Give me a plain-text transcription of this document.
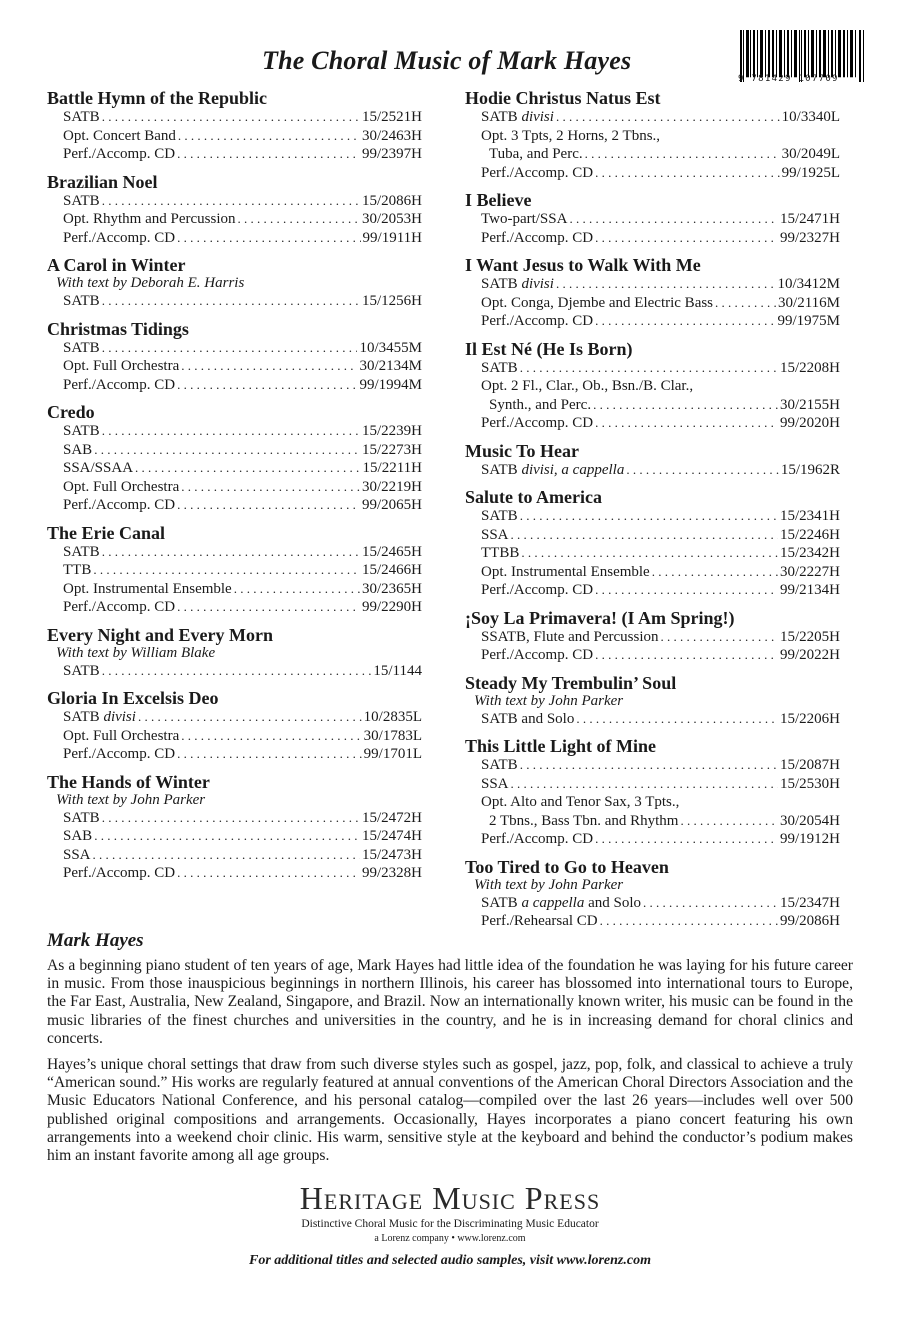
The Choral Music of Mark Hayes
9 781429 107709
Battle Hymn of the Republic
SATB . . .	15/2521H
Opt. Concert Band . . .	30/2463H
Perf./Accomp. CD . . .	99/2397H
Brazilian Noel
SATB . . .	15/2086H
Opt. Rhythm and Percussion . . .	30/2053H
Perf./Accomp. CD . . .	99/1911H
A Carol in Winter
With text by Deborah E. Harris
SATB . . .	15/1256H
Christmas Tidings
SATB . . .	10/3455M
Opt. Full Orchestra . . .	30/2134M
Perf./Accomp. CD . . .	99/1994M
Credo
SATB . . .	15/2239H
SAB . . .	15/2273H
SSA/SSAA . . .	15/2211H
Opt. Full Orchestra . . .	30/2219H
Perf./Accomp. CD . . .	99/2065H
The Erie Canal
SATB . . .	15/2465H
TTB . . .	15/2466H
Opt. Instrumental Ensemble . . .	30/2365H
Perf./Accomp. CD . . .	99/2290H
Every Night and Every Morn
With text by William Blake
SATB . . .	15/1144
Gloria In Excelsis Deo
SATB divisi . . .	10/2835L
Opt. Full Orchestra . . .	30/1783L
Perf./Accomp. CD . . .	99/1701L
The Hands of Winter
With text by John Parker
SATB . . .	15/2472H
SAB . . .	15/2474H
SSA . . .	15/2473H
Perf./Accomp. CD . . .	99/2328H
Hodie Christus Natus Est
SATB divisi . . .	10/3340L
Opt. 3 Tpts, 2 Horns, 2 Tbns.,
Tuba, and Perc. . . .	30/2049L
Perf./Accomp. CD . . .	99/1925L
I Believe
Two-part/SSA . . .	15/2471H
Perf./Accomp. CD . . .	99/2327H
I Want Jesus to Walk With Me
SATB divisi . . .	10/3412M
Opt. Conga, Djembe and Electric Bass . . .	30/2116M
Perf./Accomp. CD . . .	99/1975M
Il Est Né (He Is Born)
SATB . . .	15/2208H
Opt. 2 Fl., Clar., Ob., Bsn./B. Clar.,
Synth., and Perc. . . .	30/2155H
Perf./Accomp. CD . . .	99/2020H
Music To Hear
SATB divisi, a cappella . . .	15/1962R
Salute to America
SATB . . .	15/2341H
SSA . . .	15/2246H
TTBB . . .	15/2342H
Opt. Instrumental Ensemble . . .	30/2227H
Perf./Accomp. CD . . .	99/2134H
¡Soy La Primavera! (I Am Spring!)
SSATB, Flute and Percussion . . .	15/2205H
Perf./Accomp. CD . . .	99/2022H
Steady My Trembulin’ Soul
With text by John Parker
SATB and Solo . . .	15/2206H
This Little Light of Mine
SATB . . .	15/2087H
SSA . . .	15/2530H
Opt. Alto and Tenor Sax, 3 Tpts.,
2 Tbns., Bass Tbn. and Rhythm . . .	30/2054H
Perf./Accomp. CD . . .	99/1912H
Too Tired to Go to Heaven
With text by John Parker
SATB a cappella and Solo . . .	15/2347H
Perf./Rehearsal CD . . .	99/2086H
Mark Hayes
As a beginning piano student of ten years of age, Mark Hayes had little idea of the foundation he was laying for his future career in music. From those inauspicious beginnings in northern Illinois, his career has blossomed into international tours to Europe, the Far East, Australia, New Zealand, Singapore, and Brazil. Now an internationally known writer, his music can be found in the music libraries of the finest churches and universities in the country, and he is in increasing demand for choral clinics and concerts.
Hayes’s unique choral settings that draw from such diverse styles such as gospel, jazz, pop, folk, and classical to achieve a truly “American sound.” His works are regularly featured at annual conventions of the American Choral Directors Association and the Music Educators National Conference, and his personal catalog—compiled over the last 26 years—includes well over 500 published original compositions and arrangements. Occasionally, Hayes incorporates a piano concert featuring his own arrangements into a weekend choir clinic. His warm, sensitive style at the keyboard and behind the conductor’s podium makes him an instant favorite among all age groups.
Heritage Music Press
Distinctive Choral Music for the Discriminating Music Educator
a Lorenz company • www.lorenz.com
For additional titles and selected audio samples, visit www.lorenz.com
